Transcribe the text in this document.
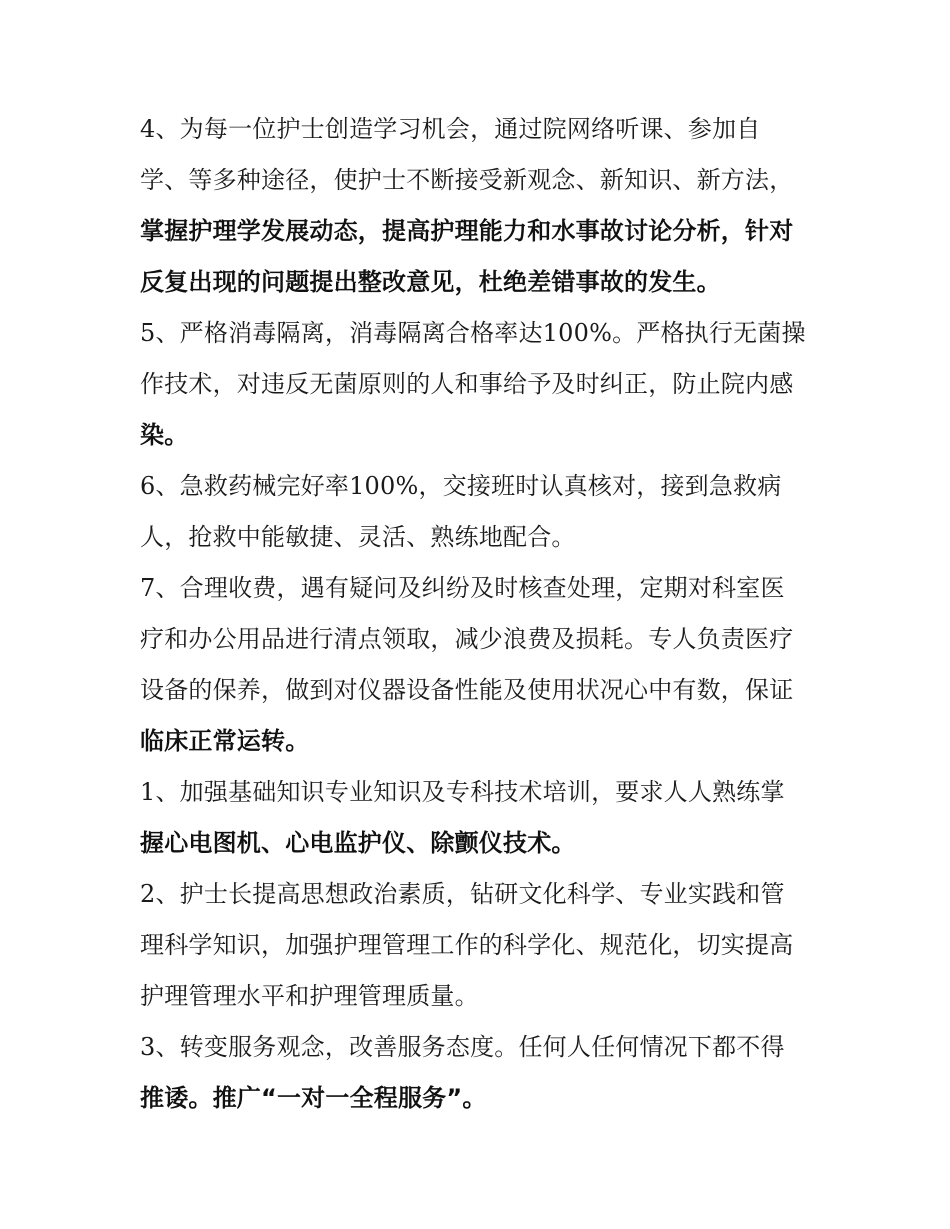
4、为每一位护士创造学习机会，通过院网络听课、参加自
学、等多种途径，使护士不断接受新观念、新知识、新方法，
掌握护理学发展动态，提高护理能力和水事故讨论分析，针对
反复出现的问题提出整改意见，杜绝差错事故的发生。
5、严格消毒隔离，消毒隔离合格率达100%。严格执行无菌操
作技术，对违反无菌原则的人和事给予及时纠正，防止院内感
染。
6、急救药械完好率100%，交接班时认真核对，接到急救病
人，抢救中能敏捷、灵活、熟练地配合。
7、合理收费，遇有疑问及纠纷及时核查处理，定期对科室医
疗和办公用品进行清点领取，减少浪费及损耗。专人负责医疗
设备的保养，做到对仪器设备性能及使用状况心中有数，保证
临床正常运转。
1、加强基础知识专业知识及专科技术培训，要求人人熟练掌
握心电图机、心电监护仪、除颤仪技术。
2、护士长提高思想政治素质，钻研文化科学、专业实践和管
理科学知识，加强护理管理工作的科学化、规范化，切实提高
护理管理水平和护理管理质量。
3、转变服务观念，改善服务态度。任何人任何情况下都不得
推诿。推广“一对一全程服务”。
